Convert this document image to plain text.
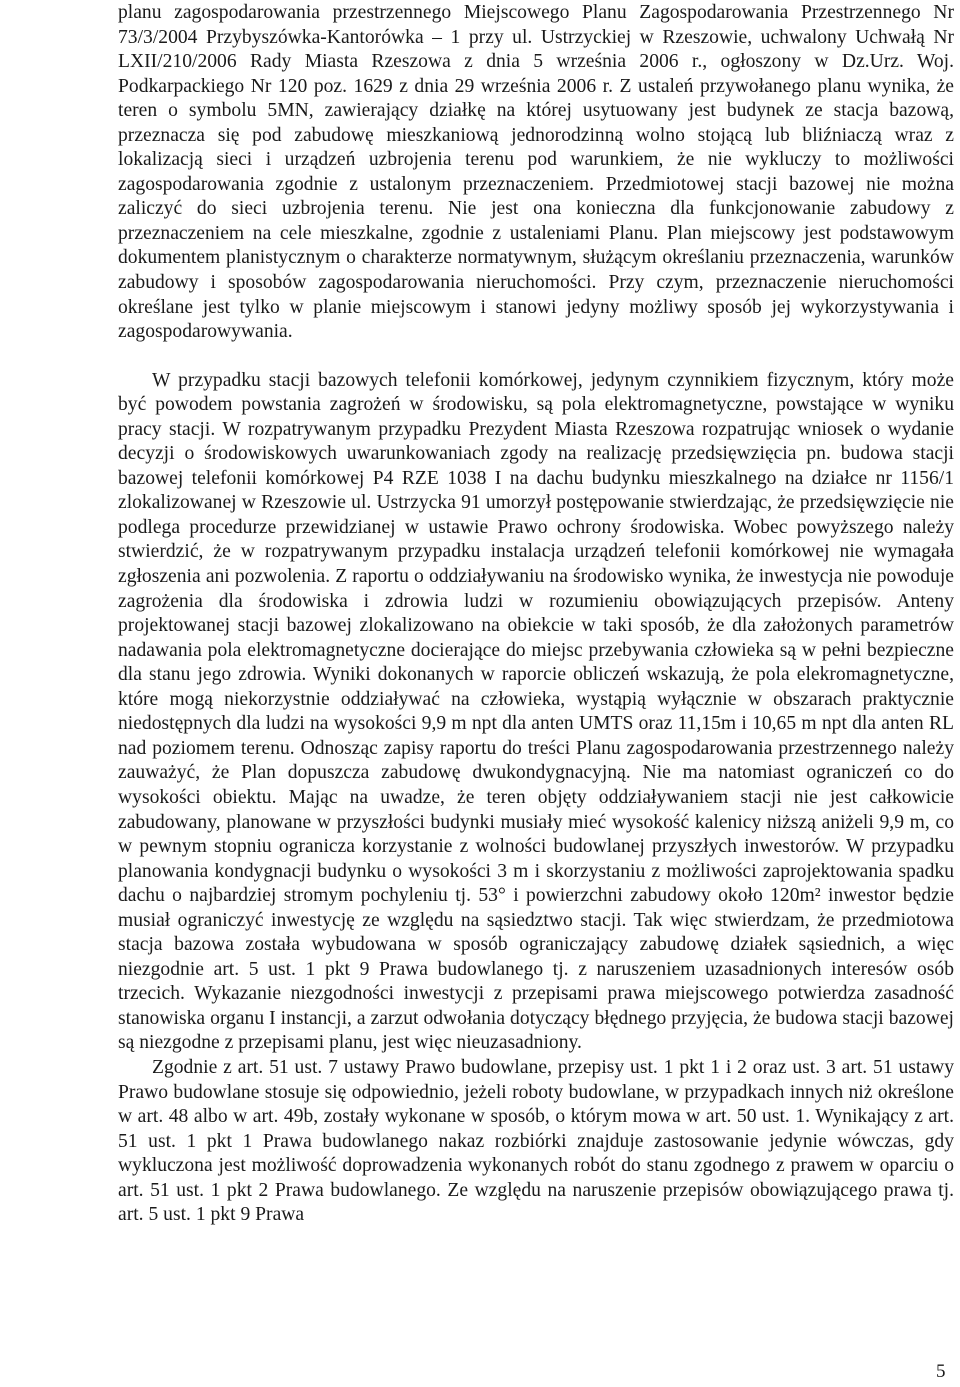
planu zagospodarowania przestrzennego Miejscowego Planu Zagospodarowania Przestrzennego Nr 73/3/2004 Przybyszówka-Kantorówka – 1 przy ul. Ustrzyckiej w Rzeszowie, uchwalony Uchwałą Nr LXII/210/2006 Rady Miasta Rzeszowa z dnia 5 września 2006 r., ogłoszony w Dz.Urz. Woj. Podkarpackiego Nr 120 poz. 1629 z dnia 29 września 2006 r. Z ustaleń przywołanego planu wynika, że teren o symbolu 5MN, zawierający działkę na której usytuowany jest budynek ze stacja bazową, przeznacza się pod zabudowę mieszkaniową jednorodzinną wolno stojącą lub bliźniaczą wraz z lokalizacją sieci i urządzeń uzbrojenia terenu pod warunkiem, że nie wykluczy to możliwości zagospodarowania zgodnie z ustalonym przeznaczeniem. Przedmiotowej stacji bazowej nie można zaliczyć do sieci uzbrojenia terenu. Nie jest ona konieczna dla funkcjonowanie zabudowy z przeznaczeniem na cele mieszkalne, zgodnie z ustaleniami Planu. Plan miejscowy jest podstawowym dokumentem planistycznym o charakterze normatywnym, służącym określaniu przeznaczenia, warunków zabudowy i sposobów zagospodarowania nieruchomości. Przy czym, przeznaczenie nieruchomości określane jest tylko w planie miejscowym i stanowi jedyny możliwy sposób jej wykorzystywania i zagospodarowywania.

W przypadku stacji bazowych telefonii komórkowej, jedynym czynnikiem fizycznym, który może być powodem powstania zagrożeń w środowisku, są pola elektromagnetyczne, powstające w wyniku pracy stacji. W rozpatrywanym przypadku Prezydent Miasta Rzeszowa rozpatrując wniosek o wydanie decyzji o środowiskowych uwarunkowaniach zgody na realizację przedsięwzięcia pn. budowa stacji bazowej telefonii komórkowej P4 RZE 1038 I na dachu budynku mieszkalnego na działce nr 1156/1 zlokalizowanej w Rzeszowie ul. Ustrzycka 91 umorzył postępowanie stwierdzając, że przedsięwzięcie nie podlega procedurze przewidzianej w ustawie Prawo ochrony środowiska. Wobec powyższego należy stwierdzić, że w rozpatrywanym przypadku instalacja urządzeń telefonii komórkowej nie wymagała zgłoszenia ani pozwolenia. Z raportu o oddziaływaniu na środowisko wynika, że inwestycja nie powoduje zagrożenia dla środowiska i zdrowia ludzi w rozumieniu obowiązujących przepisów. Anteny projektowanej stacji bazowej zlokalizowano na obiekcie w taki sposób, że dla założonych parametrów nadawania pola elektromagnetyczne docierające do miejsc przebywania człowieka są w pełni bezpieczne dla stanu jego zdrowia. Wyniki dokonanych w raporcie obliczeń wskazują, że pola elekromagnetyczne, które mogą niekorzystnie oddziaływać na człowieka, wystąpią wyłącznie w obszarach praktycznie niedostępnych dla ludzi na wysokości 9,9 m npt dla anten UMTS oraz 11,15m i 10,65 m npt dla anten RL nad poziomem terenu. Odnosząc zapisy raportu do treści Planu zagospodarowania przestrzennego należy zauważyć, że Plan dopuszcza zabudowę dwukondygnacyjną. Nie ma natomiast ograniczeń co do wysokości obiektu. Mając na uwadze, że teren objęty oddziaływaniem stacji nie jest całkowicie zabudowany, planowane w przyszłości budynki musiały mieć wysokość kalenicy niższą aniżeli 9,9 m, co w pewnym stopniu ogranicza korzystanie z wolności budowlanej przyszłych inwestorów. W przypadku planowania kondygnacji budynku o wysokości 3 m i skorzystaniu z możliwości zaprojektowania spadku dachu o najbardziej stromym pochyleniu tj. 53° i powierzchni zabudowy około 120m² inwestor będzie musiał ograniczyć inwestycję ze względu na sąsiedztwo stacji. Tak więc stwierdzam, że przedmiotowa stacja bazowa została wybudowana w sposób ograniczający zabudowę działek sąsiednich, a więc niezgodnie art. 5 ust. 1 pkt 9 Prawa budowlanego tj. z naruszeniem uzasadnionych interesów osób trzecich. Wykazanie niezgodności inwestycji z przepisami prawa miejscowego potwierdza zasadność stanowiska organu I instancji, a zarzut odwołania dotyczący błędnego przyjęcia, że budowa stacji bazowej są niezgodne z przepisami planu, jest więc nieuzasadniony.

Zgodnie z art. 51 ust. 7 ustawy Prawo budowlane, przepisy ust. 1 pkt 1 i 2 oraz ust. 3 art. 51 ustawy Prawo budowlane stosuje się odpowiednio, jeżeli roboty budowlane, w przypadkach innych niż określone w art. 48 albo w art. 49b, zostały wykonane w sposób, o którym mowa w art. 50 ust. 1. Wynikający z art. 51 ust. 1 pkt 1 Prawa budowlanego nakaz rozbiórki znajduje zastosowanie jedynie wówczas, gdy wykluczona jest możliwość doprowadzenia wykonanych robót do stanu zgodnego z prawem w oparciu o art. 51 ust. 1 pkt 2 Prawa budowlanego. Ze względu na naruszenie przepisów obowiązującego prawa tj. art. 5 ust. 1 pkt 9 Prawa

5
